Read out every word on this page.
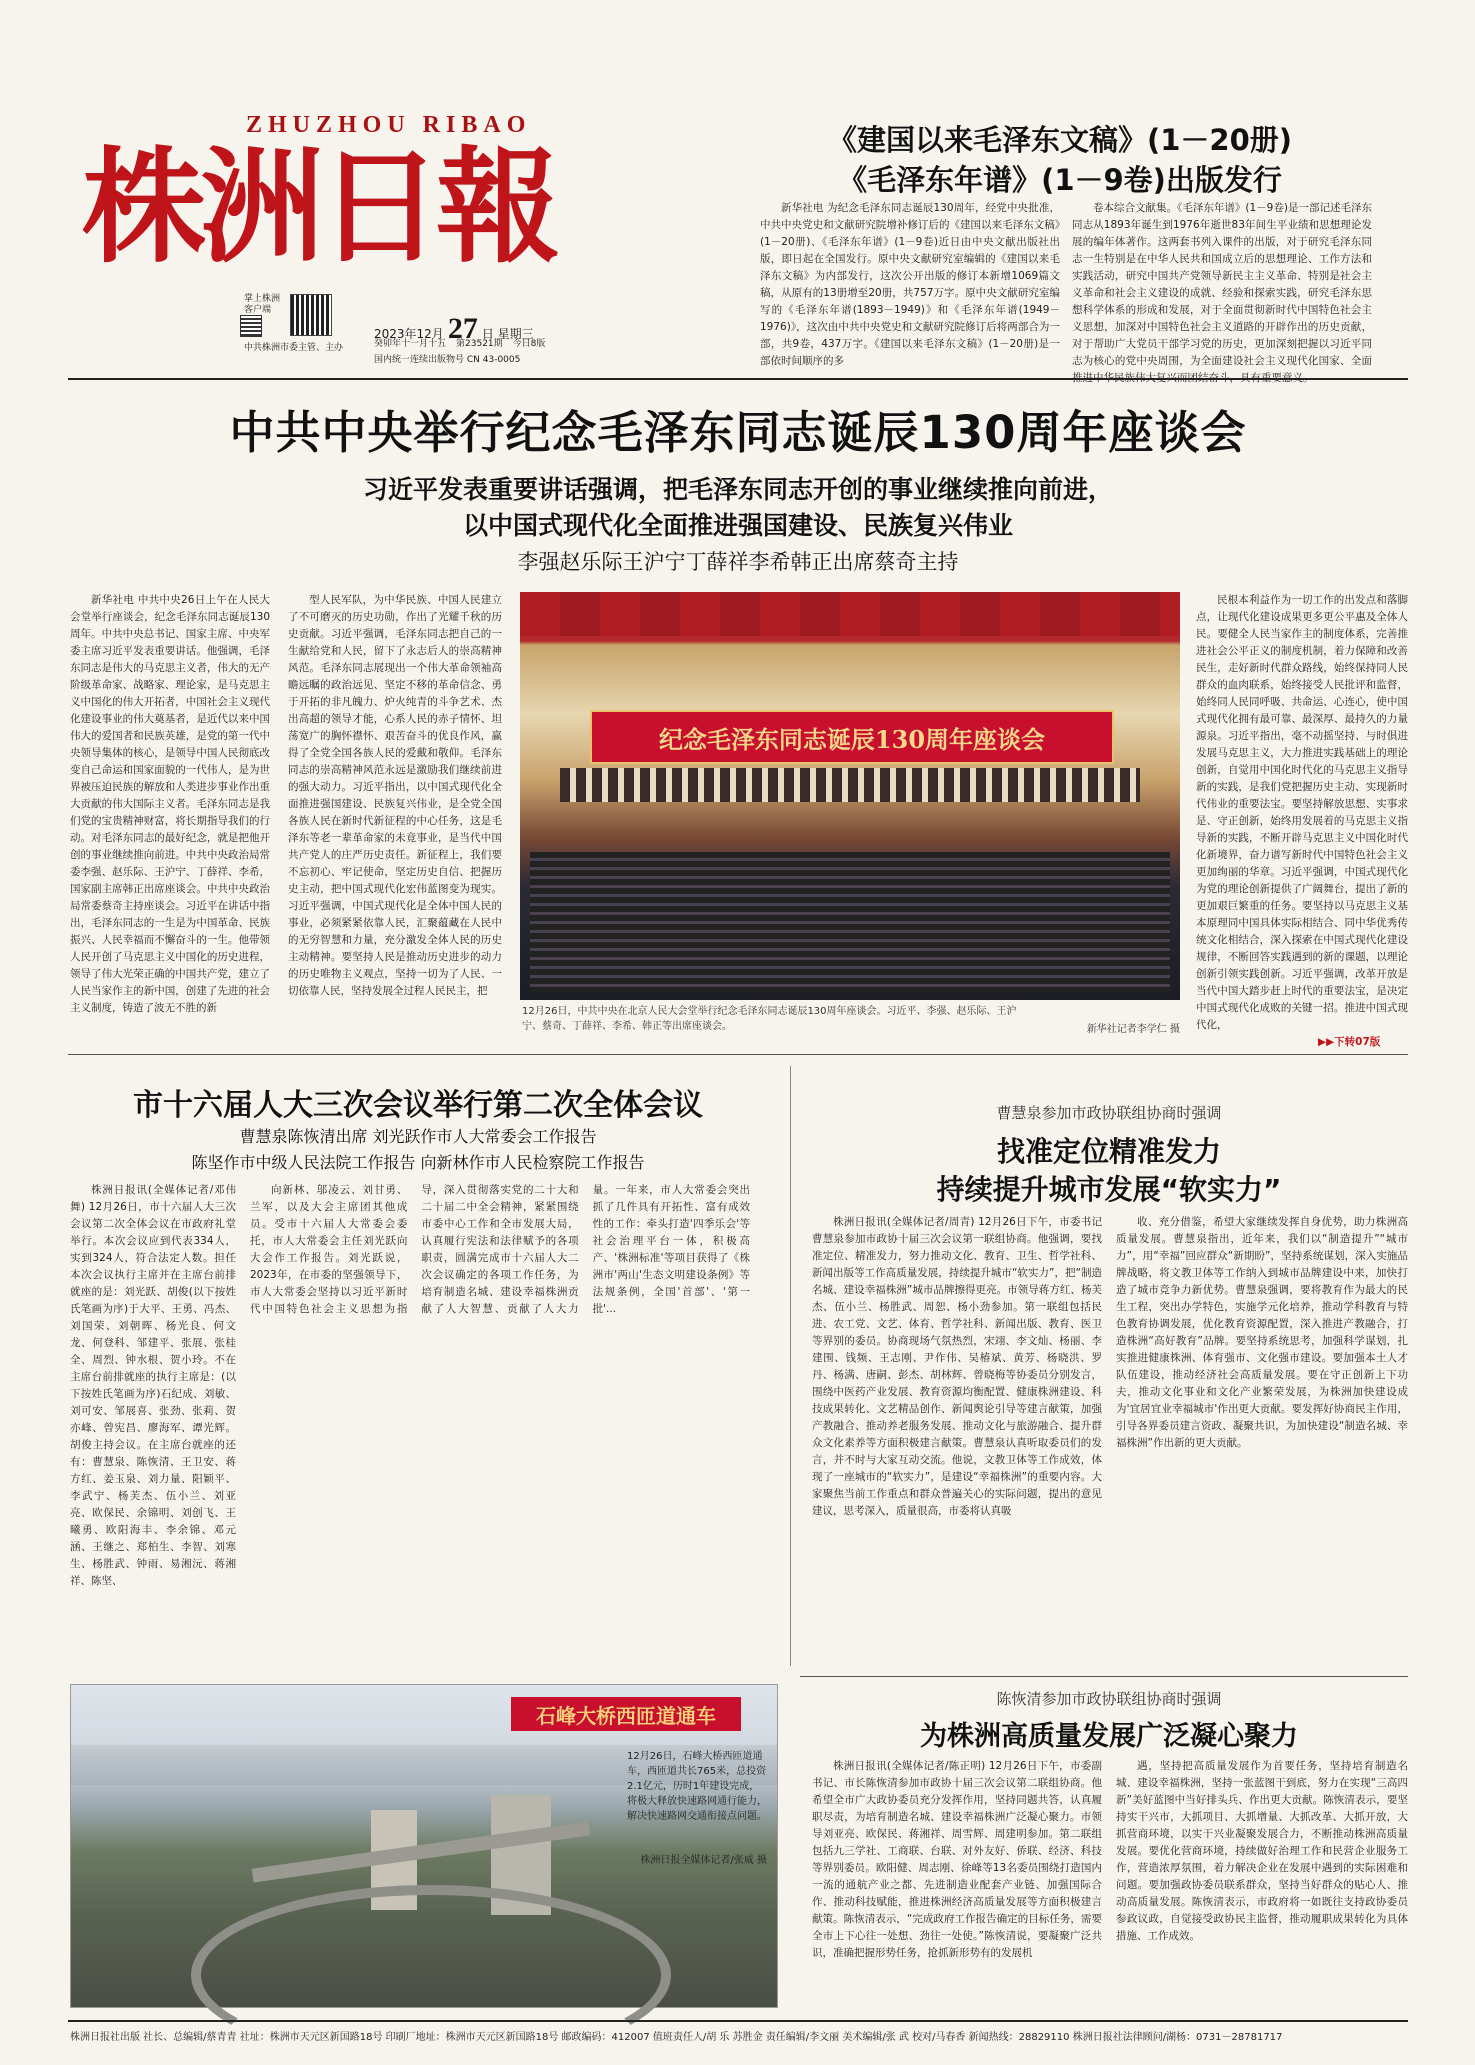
ZHUZHOU RIBAO
株洲日報
掌上株洲客户端
中共株洲市委主管、主办
2023年12月 27 日 星期三
癸卯年十一月十五 第23521期 今日8版
国内统一连续出版物号 CN 43-0005
《建国以来毛泽东文稿》(1－20册)
《毛泽东年谱》(1－9卷)出版发行

新华社电 为纪念毛泽东同志诞辰130周年，经党中央批准，中共中央党史和文献研究院增补修订后的《建国以来毛泽东文稿》(1－20册)、《毛泽东年谱》(1－9卷)近日由中央文献出版社出版，即日起在全国发行。原中央文献研究室编辑的《建国以来毛泽东文稿》为内部发行，这次公开出版的修订本新增1069篇文稿，从原有的13册增至20册，共757万字。原中央文献研究室编写的《毛泽东年谱(1893－1949)》和《毛泽东年谱(1949－1976)》，这次由中共中央党史和文献研究院修订后将两部合为一部，共9卷，437万字。《建国以来毛泽东文稿》(1－20册)是一部依时间顺序的多

卷本综合文献集。《毛泽东年谱》(1－9卷)是一部记述毛泽东同志从1893年诞生到1976年逝世83年间生平业绩和思想理论发展的编年体著作。这两套书列入课件的出版，对于研究毛泽东同志一生特别是在中华人民共和国成立后的思想理论、工作方法和实践活动，研究中国共产党领导新民主主义革命、特别是社会主义革命和社会主义建设的成就、经验和探索实践，研究毛泽东思想科学体系的形成和发展，对于全面贯彻新时代中国特色社会主义思想，加深对中国特色社会主义道路的开辟作出的历史贡献，对于帮助广大党员干部学习党的历史，更加深刻把握以习近平同志为核心的党中央周围，为全面建设社会主义现代化国家、全面

中共中央举行纪念毛泽东同志诞辰130周年座谈会
习近平发表重要讲话强调，把毛泽东同志开创的事业继续推向前进，
以中国式现代化全面推进强国建设、民族复兴伟业
李强赵乐际王沪宁丁薛祥李希韩正出席蔡奇主持

新华社电 中共中央26日上午在人民大会堂举行座谈会，纪念毛泽东同志诞辰130周年。中共中央总书记、国家主席、中央军委主席习近平发表重要讲话。他强调，毛泽东同志是伟大的马克思主义者，伟大的无产阶级革命家、战略家、理论家，是马克思主义中国化的伟大开拓者，中国社会主义现代化建设事业的伟大奠基者，是近代以来中国伟大的爱国者和民族英雄，是党的第一代中央领导集体的核心，是领导中国人民彻底改变自己命运和国家面貌的一代伟人，是为世界被压迫民族的解放和人类进步事业作出重大贡献的伟大国际主义者。毛泽东同志是我们党的宝贵精神财富，将长期指导我们的行动。对毛泽东同志的最好纪念，就是把他开创的事业继续推向前进。中共中央政治局常委李强、赵乐际、王沪宁、丁薛祥、李希，国家副主席韩正出席座谈会。中共中央政治局常委蔡奇主持座谈会。习近平在讲话中指出，毛泽东同志的一生是为中国革命、民族振兴、人民幸福而不懈奋斗的一生。他带领人民开创了马克思主义中国化的历史进程，领导了伟大光荣正确的中国共产党，建立了人民当家作主的新中国，创建了先进的社会主义制度，铸造了波无不胜的新

型人民军队，为中华民族、中国人民建立了不可磨灭的历史功勋，作出了光耀千秋的历史贡献。习近平强调，毛泽东同志把自己的一生献给党和人民，留下了永志后人的崇高精神风范。毛泽东同志展现出一个伟大革命领袖高瞻远瞩的政治远见、坚定不移的革命信念、勇于开拓的非凡魄力、炉火纯青的斗争艺术、杰出高超的领导才能，心系人民的赤子情怀、坦荡宽广的胸怀襟怀、艰苦奋斗的优良作风，赢得了全党全国各族人民的爱戴和敬仰。毛泽东同志的崇高精神风范永远是激励我们继续前进的强大动力。习近平指出，以中国式现代化全面推进强国建设、民族复兴伟业，是全党全国各族人民在新时代新征程的中心任务，这是毛泽东等老一辈革命家的未竟事业，是当代中国共产党人的庄严历史责任。新征程上，我们要不忘初心、牢记使命，坚定历史自信、把握历史主动，把中国式现代化宏伟蓝图变为现实。习近平强调，中国式现代化是全体中国人民的事业，必须紧紧依靠人民，汇聚蕴藏在人民中的无穷智慧和力量，充分激发全体人民的历史主动精神。要坚持人民是推动历史进步的动力的历史唯物主义观点，坚持一切为了人民、一切依靠人民，坚持发展全过程人民民主，把

纪念毛泽东同志诞辰130周年座谈会
12月26日，中共中央在北京人民大会堂举行纪念毛泽东同志诞辰130周年座谈会。习近平、李强、赵乐际、王沪宁、蔡奇、丁薛祥、李希、韩正等出席座谈会。	新华社记者李学仁 摄

民根本利益作为一切工作的出发点和落脚点，让现代化建设成果更多更公平惠及全体人民。要健全人民当家作主的制度体系，完善推进社会公平正义的制度机制，着力保障和改善民生，走好新时代群众路线，始终保持同人民群众的血肉联系，始终接受人民批评和监督，始终同人民同呼吸、共命运、心连心，使中国式现代化拥有最可靠、最深厚、最持久的力量源泉。习近平指出，毫不动摇坚持、与时俱进发展马克思主义，大力推进实践基础上的理论创新，自觉用中国化时代化的马克思主义指导新的实践，是我们党把握历史主动、实现新时代伟业的重要法宝。要坚持解放思想、实事求是、守正创新，始终用发展着的马克思主义指导新的实践，不断开辟马克思主义中国化时代化新境界，奋力谱写新时代中国特色社会主义更加绚丽的华章。习近平强调，中国式现代化为党的理论创新提供了广阔舞台，提出了新的更加艰巨繁重的任务。要坚持以马克思主义基本原理同中国具体实际相结合、同中华优秀传统文化相结合，深入探索在中国式现代化建设规律，不断回答实践遇到的新的课题，以理论创新引领实践创新。习近平强调，改革开放是当代中国大踏步赶上时代的重要法宝，是决定中国式现代化成败的关键一招。推进中国式现代化，

▶▶下转07版
市十六届人大三次会议举行第二次全体会议
曹慧泉陈恢清出席 刘光跃作市人大常委会工作报告
陈坚作市中级人民法院工作报告 向新林作市人民检察院工作报告

株洲日报讯(全媒体记者/邓伟舞) 12月26日，市十六届人大三次会议第二次全体会议在市政府礼堂举行。本次会议应到代表334人，实到324人，符合法定人数。担任本次会议执行主席并在主席台前排就座的是：刘光跃、胡俊(以下按姓氏笔画为序)于大平、王勇、冯杰、刘国荣、刘朝晖、杨光良、何文龙、何登科、邹建平、张展、张桂全、周烈、钟水根、贺小玲。不在主席台前排就座的执行主席是：(以下按姓氏笔画为序)石纪成、刘敏、刘可安、邹展喜、张劲、张莉、贺亦峰、曾宪昌、廖海军、谭光辉。胡俊主持会议。在主席台就座的还有：曹慧泉、陈恢清、王卫安、蒋方红、姜玉泉、刘力量、阳颖平、李武宁、杨芙杰、伍小兰、刘亚亮、欧保民、余锦明、刘创飞、王曦勇、欧阳海丰、李余锦、邓元涵、王继之、郑柏生、李智、刘寒生、杨胜武、钟雨、易湘沅、蒋湘祥、陈坚、

向新林、邬凌云、刘甘勇、兰军，以及大会主席团其他成员。受市十六届人大常委会委托，市人大常委会主任刘光跃向大会作工作报告。刘光跃说，2023年，在市委的坚强领导下，市人大常委会坚持以习近平新时代中国特色社会主义思想为指导，深入贯彻落实党的二十大和二十届二中全会精神，紧紧围绕市委中心工作和全市发展大局，认真履行宪法和法律赋予的各项职责，圆满完成市十六届人大二次会议确定的各项工作任务，为培育制造名城、建设幸福株洲贡献了人大智慧、贡献了人大力量。一年来，市人大常委会突出抓了几件具有开拓性、富有成效性的工作：牵头打造'四季乐会'等社会治理平台一体，积极高产、'株洲标准'等项目获得了《株洲市'两山'生态文明建设条例》等法规条例，全国'首部'、'第一批'...

曹慧泉参加市政协联组协商时强调
找准定位精准发力
持续提升城市发展“软实力”

株洲日报讯(全媒体记者/周青) 12月26日下午，市委书记曹慧泉参加市政协十届三次会议第一联组协商。他强调，要找准定位、精准发力，努力推动文化、教育、卫生、哲学社科、新闻出版等工作高质量发展，持续提升城市“软实力”，把“制造名城、建设幸福株洲”城市品牌擦得更亮。市领导蒋方红、杨芙杰、伍小兰、杨胜武、周恕、杨小劲参加。第一联组包括民进、农工党、文艺、体育、哲学社科、新闻出版、教育、医卫等界别的委员。协商现场气氛热烈，宋翊、李文灿、杨丽、李建围、钱频、王志刚、尹作伟、吴椿斌、黄芳、杨晓洪、罗丹、杨满、唐嗣、彭杰、胡林辉、曾晓梅等协委员分别发言，围绕中医药产业发展、教育资源均衡配置、健康株洲建设、科技成果转化、文艺精品创作、新闻舆论引导等建言献策，加强产教融合、推动养老服务发展、推动文化与旅游融合、提升群众文化素养等方面积极建言献策。曹慧泉认真听取委员们的发言，并不时与大家互动交流。他说，文教卫体等工作成效，体现了一座城市的“软实力”，是建设“幸福株洲”的重要内容。大家聚焦当前工作重点和群众普遍关心的实际问题，提出的意见建议，思考深入，质量很高，市委将认真吸

收、充分借鉴，希望大家继续发挥自身优势，助力株洲高质量发展。曹慧泉指出，近年来，我们以“制造提升”“城市力”，用“幸福”回应群众“新期盼”，坚持系统谋划，深入实施品牌战略，将文教卫体等工作纳入到城市品牌建设中来，加快打造了城市竞争力新优势。曹慧泉强调，要将教育作为最大的民生工程，突出办学特色，实施学元化培养，推动学科教育与特色教育协调发展，优化教育资源配置，深入推进产教融合，打造株洲“高好教育”品牌。要坚持系统思考，加强科学谋划，扎实推进健康株洲、体育强市、文化强市建设。要加强本土人才队伍建设，推动经济社会高质量发展。要在守正创新上下功夫，推动文化事业和文化产业繁荣发展，为株洲加快建设成为'宜居宜业幸福城市'作出更大贡献。要发挥好协商民主作用，引导各界委员建言资政、凝聚共识，为加快建设“制造名城、幸福株洲”作出新的更大贡献。

陈恢清参加市政协联组协商时强调
为株洲高质量发展广泛凝心聚力

株洲日报讯(全媒体记者/陈正明) 12月26日下午，市委副书记、市长陈恢清参加市政协十届三次会议第二联组协商。他希望全市广大政协委员充分发挥作用，坚持同题共答，认真履职尽责，为培育制造名城、建设幸福株洲广泛凝心聚力。市领导刘亚亮、欧保民、蒋湘祥、周雪辉、周建明参加。第二联组包括九三学社、工商联、台联、对外友好、侨联、经济、科技等界别委员。欧阳健、周志刚、徐峰等13名委员围绕打造国内一流的通航产业之都、先进制造业配套产业链、加强国际合作、推动科技赋能，推进株洲经济高质量发展等方面积极建言献策。陈恢清表示，“完成政府工作报告确定的目标任务，需要全市上下心往一处想、劲往一处使。”陈恢清说，要凝聚广泛共识，准确把握形势任务，抢抓新形势有的发展机

遇，坚持把高质量发展作为首要任务，坚持培育制造名城、建设幸福株洲，坚持一张蓝图干到底，努力在实现“三高四新”美好蓝图中当好排头兵、作出更大贡献。陈恢清表示，要坚持实干兴市，大抓项目、大抓增量、大抓改革、大抓开放，大抓营商环境，以实干兴业凝聚发展合力，不断推动株洲高质量发展。要优化营商环境，持续做好治理工作和民营企业服务工作，营造浓厚氛围，着力解决企业在发展中遇到的实际困难和问题。要加强政协委员联系群众，坚持当好群众的贴心人、推动高质量发展。陈恢清表示，市政府将一如既往支持政协委员参政议政，自觉接受政协民主监督，推动履职成果转化为具体措施、工作成效。

石峰大桥西匝道通车
12月26日，石峰大桥西匝道通车，西匝道共长765米，总投资2.1亿元，历时1年建设完成，将极大释放快速路网通行能力，解决快速路网交通衔接点问题。
株洲日报全媒体记者/张威 摄
株洲日报社出版 社长、总编辑/蔡青青 社址：株洲市天元区新国路18号 印刷厂地址：株洲市天元区新国路18号 邮政编码：412007 值班责任人/胡 乐 苏胜金 责任编辑/李文丽 美术编辑/张 武 校对/马春香 新闻热线：28829110 株洲日报社法律顾问/湖杨：0731－28781717
